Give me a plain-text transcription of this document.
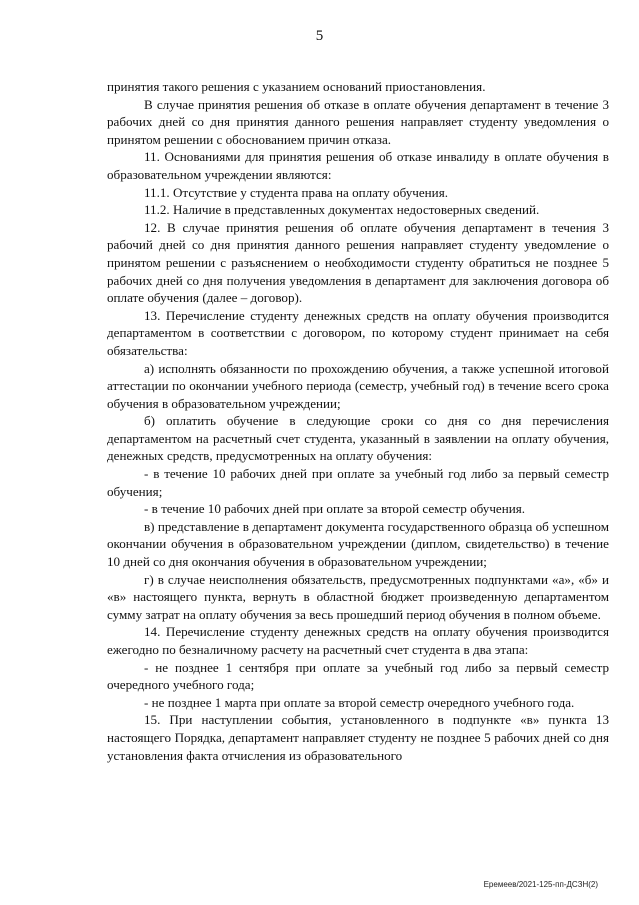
5

принятия такого решения с указанием оснований приостановления.

В случае принятия решения об отказе в оплате обучения департамент в течение 3 рабочих дней со дня принятия данного решения направляет студенту уведомления о принятом решении с обоснованием причин отказа.

11. Основаниями для принятия решения об отказе инвалиду в оплате обучения в образовательном учреждении являются:

11.1. Отсутствие у студента права на оплату обучения.

11.2. Наличие в представленных документах недостоверных сведений.

12. В случае принятия решения об оплате обучения департамент в течения 3 рабочий дней со дня принятия данного решения направляет студенту уведомление о принятом решении с разъяснением о необходимости студенту обратиться не позднее 5 рабочих дней со дня получения уведомления в департамент для заключения договора об оплате обучения (далее – договор).

13. Перечисление студенту денежных средств на оплату обучения производится департаментом в соответствии с договором, по которому студент принимает на себя обязательства:

а) исполнять обязанности по прохождению обучения, а также успешной итоговой аттестации по окончании учебного периода (семестр, учебный год) в течение всего срока обучения в образовательном учреждении;

б) оплатить обучение в следующие сроки со дня со дня перечисления департаментом на расчетный счет студента, указанный в заявлении на оплату обучения, денежных средств, предусмотренных на оплату обучения:

- в течение 10 рабочих дней при оплате за учебный год либо за первый семестр обучения;

- в течение 10 рабочих дней при оплате за второй семестр обучения.

в) представление в департамент документа государственного образца об успешном окончании обучения в образовательном учреждении (диплом, свидетельство) в течение 10 дней со дня окончания обучения в образовательном учреждении;

г) в случае неисполнения обязательств, предусмотренных подпунктами «а», «б» и «в» настоящего пункта, вернуть в областной бюджет произведенную департаментом сумму затрат на оплату обучения за весь прошедший период обучения в полном объеме.

14. Перечисление студенту денежных средств на оплату обучения производится ежегодно по безналичному расчету на расчетный счет студента в два этапа:

- не позднее 1 сентября при оплате за учебный год либо за первый семестр очередного учебного года;

- не позднее 1 марта при оплате за второй семестр очередного учебного года.

15. При наступлении события, установленного в подпункте «в» пункта 13 настоящего Порядка, департамент направляет студенту не позднее 5 рабочих дней со дня установления факта отчисления из образовательного

Еремеев/2021-125-пп-ДСЗН(2)
